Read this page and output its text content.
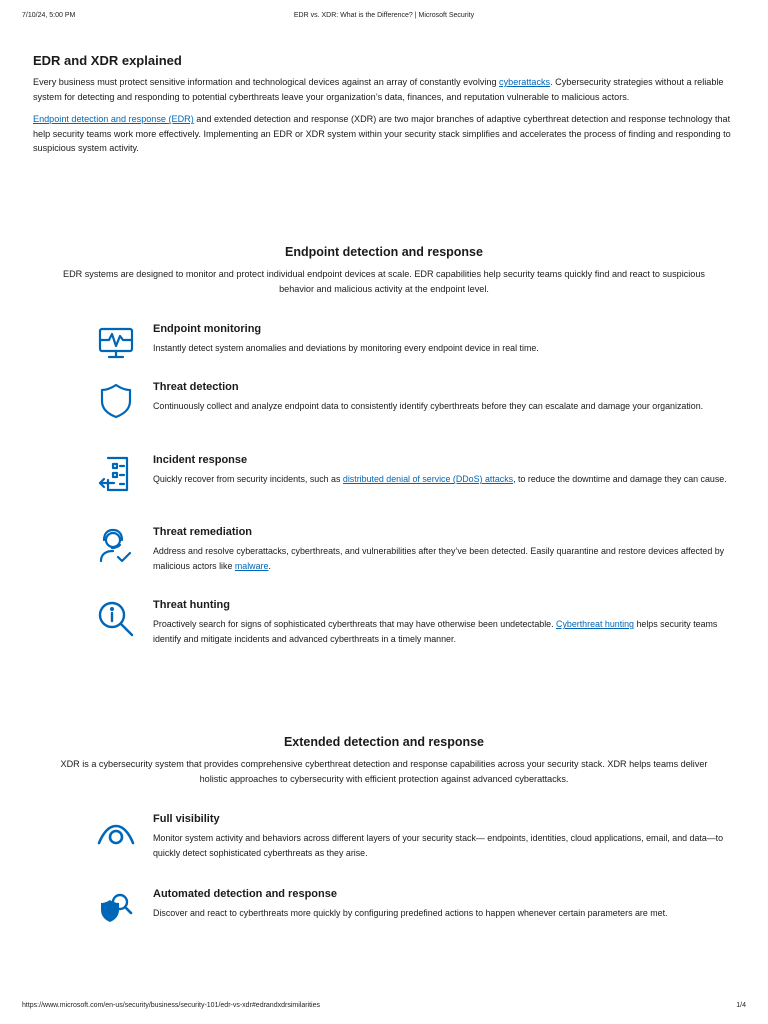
7/10/24, 5:00 PM	EDR vs. XDR: What is the Difference? | Microsoft Security
EDR and XDR explained

Every business must protect sensitive information and technological devices against an array of constantly evolving cyberattacks. Cybersecurity strategies without a reliable system for detecting and responding to potential cyberthreats leave your organization’s data, finances, and reputation vulnerable to malicious actors.

Endpoint detection and response (EDR) and extended detection and response (XDR) are two major branches of adaptive cyberthreat detection and response technology that help security teams work more effectively. Implementing an EDR or XDR system within your security stack simplifies and accelerates the process of finding and responding to suspicious system activity.

Endpoint detection and response

EDR systems are designed to monitor and protect individual endpoint devices at scale. EDR capabilities help security teams quickly find and react to suspicious behavior and malicious activity at the endpoint level.

Endpoint monitoring

Instantly detect system anomalies and deviations by monitoring every endpoint device in real time.

Threat detection

Continuously collect and analyze endpoint data to consistently identify cyberthreats before they can escalate and damage your organization.

Incident response

Quickly recover from security incidents, such as distributed denial of service (DDoS) attacks, to reduce the downtime and damage they can cause.

Threat remediation

Address and resolve cyberattacks, cyberthreats, and vulnerabilities after they’ve been detected. Easily quarantine and restore devices affected by malicious actors like malware.

Threat hunting

Proactively search for signs of sophisticated cyberthreats that may have otherwise been undetectable. Cyberthreat hunting helps security teams identify and mitigate incidents and advanced cyberthreats in a timely manner.

Extended detection and response

XDR is a cybersecurity system that provides comprehensive cyberthreat detection and response capabilities across your security stack. XDR helps teams deliver holistic approaches to cybersecurity with efficient protection against advanced cyberattacks.

Full visibility

Monitor system activity and behaviors across different layers of your security stack— endpoints, identities, cloud applications, email, and data—to quickly detect sophisticated cyberthreats as they arise.

Automated detection and response

Discover and react to cyberthreats more quickly by configuring predefined actions to happen whenever certain parameters are met.

https://www.microsoft.com/en-us/security/business/security-101/edr-vs-xdr#edrandxdrsimilarities	1/4
